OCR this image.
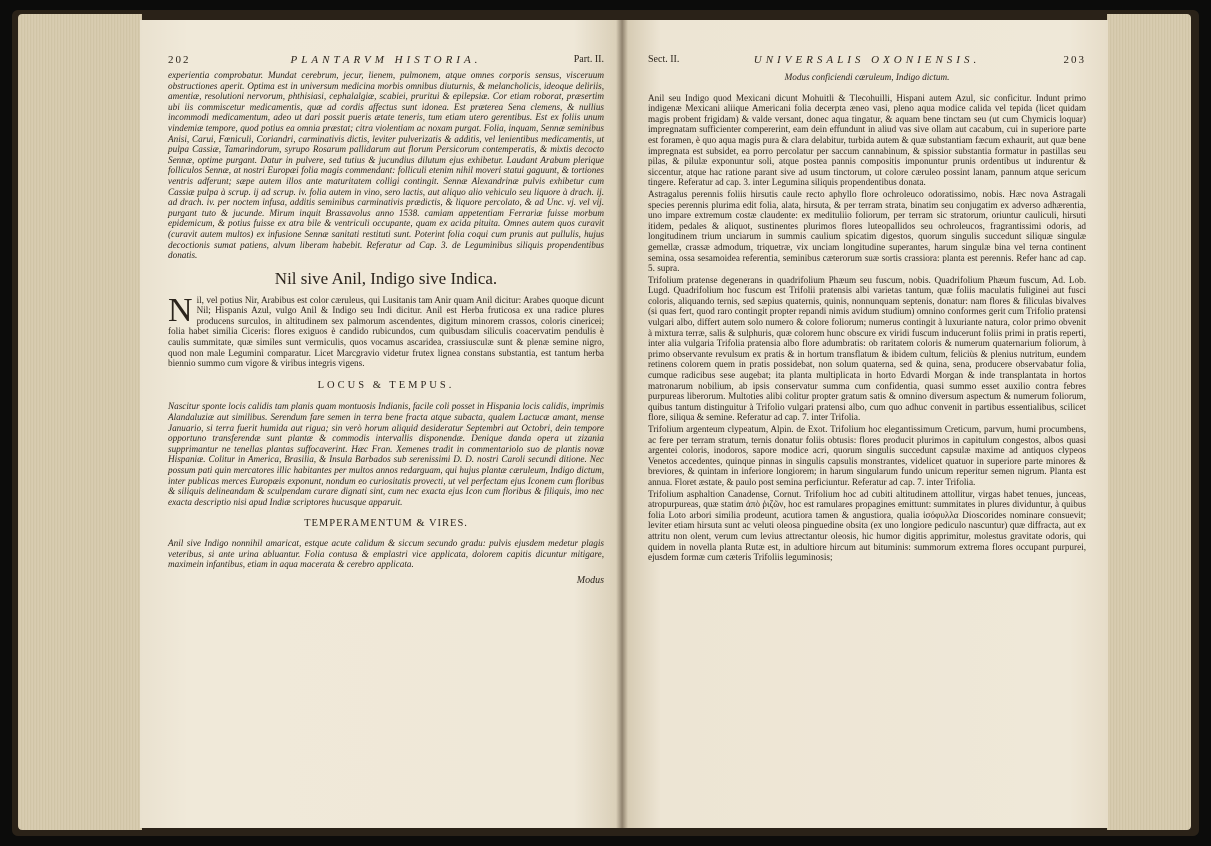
202	PLANTARVM HISTORIA.	Part. II.

experientia comprobatur. Mundat cerebrum, jecur, lienem, pulmonem, atque omnes corporis sensus, visceruum obstructiones aperit. Optima est in universum medicina morbis omnibus diuturnis, & melancholicis, ideoque deliriis, amentiæ, resolutioni nervorum, phthisiasi, cephalalgiæ, scabiei, pruritui & epilepsiæ. Cor etiam roborat, præsertim ubi iis commiscetur medicamentis, quæ ad cordis affectus sunt idonea. Est præterea Sena clemens, & nullius incommodi medicamentum, adeo ut dari possit pueris ætate teneris, tum etiam utero gerentibus. Est ex foliis unum vindemiæ tempore, quod potius ea omnia præstat; citra violentiam ac noxam purgat. Folia, inquam, Sennæ seminibus Anisi, Carui, Fœniculi, Coriandri, carminativis dictis, leviter pulverizatis & additis, vel lenientibus medicamentis, ut pulpa Cassiæ, Tamarindorum, syrupo Rosarum pallidarum aut florum Persicorum contemperatis, & mixtis decocto Sennæ, optime purgant. Datur in pulvere, sed tutius & jucundius dilutum ejus exhibetur. Laudant Arabum plerique folliculos Sennæ, at nostri Europæi folia magis commendant: folliculi etenim nihil moveri statui gaguunt, & tortiones ventris adferunt; sæpe autem illos ante maturitatem colligi contingit. Sennæ Alexandrinæ pulvis exhibetur cum Cassiæ pulpa à scrup. ij ad scrup. iv. folia autem in vino, sero lactis, aut aliquo alio vehiculo seu liquore à drach. ij. ad drach. iv. per noctem infusa, additis seminibus carminativis prædictis, & liquore percolato, & ad Unc. vj. vel vij. purgant tuto & jucunde. Mirum inquit Brassavolus anno 1538. camiam appetentiam Ferrariæ fuisse morbum epidemicum, & potius fuisse ex atra bile & ventriculi occupante, quam ex acida pituita. Omnes autem quos curavit (curavit autem multos) ex infusione Sennæ sanitati restituti sunt. Poterint folia coqui cum prunis aut pullulis, hujus decoctionis sumat patiens, alvum liberam habebit. Referatur ad Cap. 3. de Leguminibus siliquis propendentibus donatis.

Nil sive Anil, Indigo sive Indica.

Nil, vel potius Nir, Arabibus est color cæruleus, qui Lusitanis tam Anir quam Anil dicitur: Arabes quoque dicunt Nil; Hispanis Azul, vulgo Anil & Indigo seu Indi dicitur. Anil est Herba fruticosa ex una radice plures producens surculos, in altitudinem sex palmorum ascendentes, digitum minorem crassos, coloris cinericei; folia habet similia Ciceris: flores exiguos è candido rubicundos, cum quibusdam siliculis coacervatim pendulis è caulis summitate, quæ similes sunt vermiculis, quos vocamus ascaridea, crassiusculæ sunt & plenæ semine nigro, quod non male Leguminì comparatur. Licet Marcgravio videtur frutex lignea constans substantia, est tantum herba biennio summo cum vigore & viribus integris vigens.

LOCUS & TEMPUS.

Nascitur sponte locis calidis tam planis quam montuosis Indianis, facile coli posset in Hispania locis calidis, imprimis Alandaluziæ aut similibus. Serendum fare semen in terra bene fracta atque subacta, qualem Lactucæ amant, mense Januario, si terra fuerit humida aut rigua; sin verò horum aliquid desideratur Septembri aut Octobri, dein tempore opportuno transferendæ sunt plantæ & commodis intervallis disponendæ. Denique danda opera ut zizania supprimantur ne tenellas plantas suffocaverint. Hæc Fran. Xemenes tradit in commentariolo suo de plantis novæ Hispaniæ. Colitur in America, Brasilia, & Insula Barbados sub serenissimi D. D. nostri Caroli secundi ditione. Nec possum pati quin mercatores illic habitantes per multos annos redarguam, qui hujus plantæ cæruleum, Indigo dictum, inter publicas merces Europæis exponunt, nondum eo curiositatis provecti, ut vel perfectam ejus Iconem cum floribus & siliquis delineandam & sculpendam curare dignati sint, cum nec exacta ejus Icon cum floribus & filiquis, imo nec exacta descriptio nisi apud Indiæ scriptores hucusque apparuit.

TEMPERAMENTUM & VIRES.

Anil sive Indigo nonnihil amaricat, estque acute calidum & siccum secundo gradu: pulvis ejusdem medetur plagis veteribus, si ante urina abluantur. Folia contusa & emplastri vice applicata, dolorem capitis dicuntur mitigare, maximein infantibus, etiam in aqua macerata & cerebro applicata.

Modus
Sect. II.	UNIVERSALIS OXONIENSIS.	203

Modus conficiendi cæruleum, Indigo dictum.

Anil seu Indigo quod Mexicani dicunt Mohuitli & Tlecohuilli, Hispani autem Azul, sic conficitur. Indunt primo indigenæ Mexicani aliique Americani folia decerpta æneo vasi, pleno aqua modice calida vel tepida (licet quidam magis probent frigidam) & valde versant, donec aqua tingatur, & aquam bene tinctam seu (ut cum Chymicis loquar) impregnatam sufficienter compererint, eam dein effundunt in aliud vas sive ollam aut cacabum, cui in superiore parte est foramen, è quo aqua magis pura & clara delabitur, turbida autem & quæ substantiam fæcum exhaurit, aut quæ bene impregnata est subsidet, ea porro percolatur per saccum cannabinum, & spissior substantia formatur in pastillas seu pilas, & pilulæ exponuntur soli, atque postea pannis compositis imponuntur prunis ordentibus ut indurentur & siccentur, atque hac ratione parant sive ad usum tinctorum, ut colore cæruleo possint lanam, pannum atque sericum tingere. Referatur ad cap. 3. inter Legumina siliquis propendentibus donata.

Astragalus perennis foliis hirsutis caule recto aphyllo flore ochroleuco odoratissimo, nobis. Hæc nova Astragali species perennis plurima edit folia, alata, hirsuta, & per terram strata, binatim seu conjugatim ex adverso adhærentia, uno impare extremum costæ claudente: ex medituliio foliorum, per terram sic stratorum, oriuntur cauliculi, hirsuti itidem, pedales & aliquot, sustinentes plurimos flores luteopallidos seu ochroleucos, fragrantissimi odoris, ad longitudinem trium unciarum in summis caulium spicatim digestos, quorum singulis succedunt siliquæ singulæ gemellæ, crassæ admodum, triquetræ, vix unciam longitudine superantes, harum singulæ bina vel terna continent semina, ossa sesamoidea referentia, seminibus cæterorum suæ sortis crassiora: planta est perennis. Refer hanc ad cap. 5. supra.

Trifolium pratense degenerans in quadrifolium Phæum seu fuscum, nobis. Quadrifolium Phæum fuscum, Ad. Lob. Lugd. Quadrifolium hoc fuscum est Trifolii pratensis albi varietas tantum, quæ foliis maculatis fuliginei aut fusci coloris, aliquando ternis, sed sæpius quaternis, quinis, nonnunquam septenis, donatur: nam flores & filiculas bivalves (si quas fert, quod raro contingit propter repandi nimis avidum studium) omnino conformes gerit cum Trifolio pratensi vulgari albo, differt autem solo numero & colore foliorum; numerus contingit à luxuriante natura, color primo obvenit à mixtura terræ, salis & sulphuris, quæ colorem hunc obscure ex viridi fuscum inducerunt foliis primi in pratis reperti, inter alia vulgaria Trifolia pratensia albo flore adumbratis: ob raritatem coloris & numerum quaternarium foliorum, à primo observante revulsum ex pratis & in hortum transflatum & ibidem cultum, feliciùs & plenius nutritum, eundem retinens colorem quem in pratis possidebat, non solum quaterna, sed & quina, sena, producere observabatur folia, cumque radicibus sese augebat; ita planta multiplicata in horto Edvardi Morgan & inde transplantata in hortos matronarum nobilium, ab ipsis conservatur summa cum confidentia, quasi summo esset auxilio contra febres purpureas liberorum. Multoties alibi colitur propter gratum satis & omnino diversum aspectum & numerum foliorum, quibus tantum distinguitur à Trifolio vulgari pratensi albo, cum quo adhuc convenit in partibus essentialibus, scilicet flore, siliqua & semine. Referatur ad cap. 7. inter Trifolia.

Trifolium argenteum clypeatum, Alpin. de Exot. Trifolium hoc elegantissimum Creticum, parvum, humi procumbens, ac fere per terram stratum, ternis donatur foliis obtusis: flores producit plurimos in capitulum congestos, albos quasi argentei coloris, inodoros, sapore modice acri, quorum singulis succedunt capsulæ maxime ad antiquos clypeos Venetos accedentes, quinque pinnas in singulis capsulis monstrantes, videlicet quatuor in superiore parte minores & breviores, & quintam in inferiore longiorem; in harum singularum fundo unicum reperitur semen nigrum. Planta est annua. Floret æstate, & paulo post semina perficiuntur. Referatur ad cap. 7. inter Trifolia.

Trifolium asphaltion Canadense, Cornut. Trifolium hoc ad cubiti altitudinem attollitur, virgas habet tenues, junceas, atropurpureas, quæ statim ἀπὸ ῥιζῶν, hoc est ramulares propagines emittunt: summitates in plures dividuntur, à quibus folia Loto arbori similia prodeunt, acutiora tamen & angustiora, qualia ἰσόφυλλα Dioscorides nominare consuevit; leviter etiam hirsuta sunt ac veluti oleosa pinguedine obsita (ex uno longiore pediculo nascuntur) quæ diffracta, aut ex attritu non olent, verum cum levius attrectantur oleosis, hic humor digitis apprimitur, molestus gravitate odoris, qui quidem in novella planta Rutæ est, in adultiore hircum aut bituminis: summorum extrema flores occupant purpurei, ejusdem formæ cum cæteris Trifoliis leguminosis;
